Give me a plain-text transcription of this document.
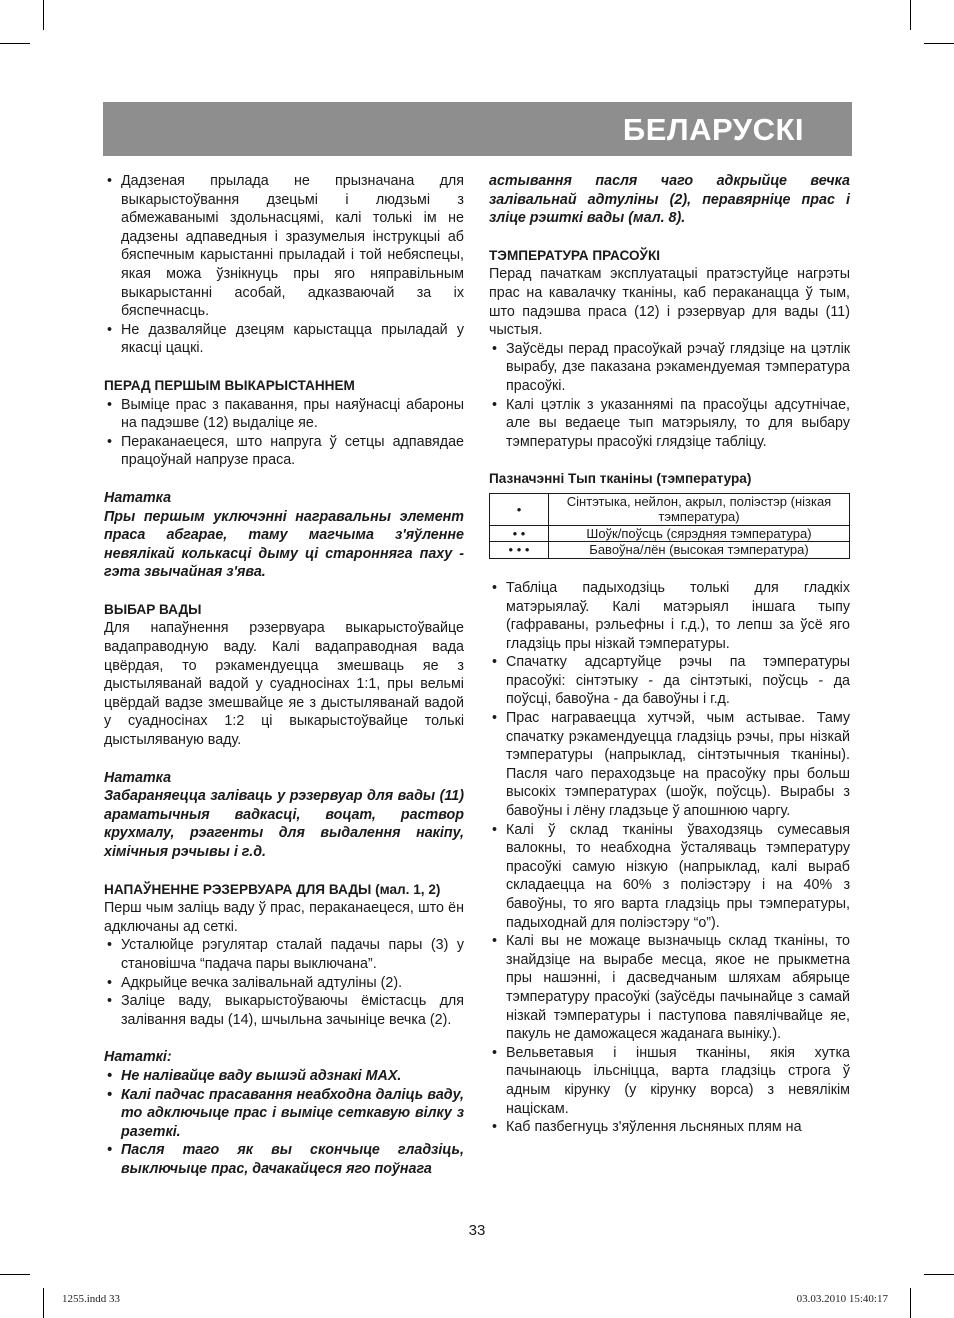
БЕЛАРУСКІ
• Дадзеная прылада не прызначана для выкарыстоўвання дзецьмі і людзьмі з абмежаванымі здольнасцямі, калі толькі ім не дадзены адпаведныя і зразумелыя інструкцыі аб бяспечным карыстанні прыладай і той небяспецы, якая можа ўзнікнуць пры яго няправільным выкарыстанні асобай, адказваючай за іх бяспечнасць.
• Не дазваляйце дзецям карыстацца прыладай у якасці цацкі.
ПЕРАД ПЕРШЫМ ВЫКАРЫСТАННЕМ
• Выміце прас з пакавання, пры наяўнасці абароны на падэшве (12) выдаліце яе.
• Пераканаецеся, што напруга ў сетцы адпавядае працоўнай напрузе праса.
Нататка
Пры першым уключэнні награвальны элемент праса абгарае, таму магчыма з'яўленне невялікай колькасці дыму ці староннягa паху - гэта звычайная з'ява.
ВЫБАР ВАДЫ

Для напаўнення рэзервуара выкарыстоўвайце вадаправодную ваду. Калі вадаправодная вада цвёрдая, то рэкамендуецца змешваць яе з дыстыляванай вадой у суадносінах 1:1, пры вельмі цвёрдай вадзе змешвайце яе з дыстыляванай вадой у суадносінах 1:2 ці выкарыстоўвайце толькі дыстыляваную ваду.

Нататка
Забараняецца заліваць у рэзервуар для вады (11) араматычныя вадкасці, воцат, раствор крухмалу, рэагенты для выдалення накіпу, хімічныя рэчывы і г.д.
НАПАЎНЕННЕ РЭЗЕРВУАРА ДЛЯ ВАДЫ (мал. 1, 2)

Перш чым заліць ваду ў прас, пераканаецеся, што ён адключаны ад сеткі.

• Усталюйце рэгулятар сталай падачы пары (3) у становішча “падача пары выключана”.
• Адкрыйце вечка залівальнай адтуліны (2).
• Заліце ваду, выкарыстоўваючы ёмістасць для залівання вады (14), шчыльна зачыніце вечка (2).
Нататкі:
• Не налівайце ваду вышэй адзнакі MAX.
• Калі падчас прасавання неабходна даліць ваду, то адключыце прас і выміце сеткавую вілку з разеткі.
• Пасля таго як вы скончыце гладзіць, выключыце прас, дачакайцеся яго поўнага
астывання пасля чаго адкрыйце вечка залівальнай адтуліны (2), перавярніце прас і зліце рэшткі вады (мал. 8).
ТЭМПЕРАТУРА ПРАСОЎКІ

Перад пачаткам эксплуатацыі пратэстуйце нагрэты прас на кавалачку тканіны, каб пераканацца ў тым, што падэшва праса (12) і рэзервуар для вады (11) чыстыя.

• Заўсёды перад прасоўкай рэчаў глядзіце на цэтлік вырабу, дзе паказана рэкамендуемая тэмпература прасоўкі.
• Калі цэтлік з указаннямі па прасоўцы адсутнічае, але вы ведаеце тып матэрыялу, то для выбару тэмпературы прасоўкі глядзіце табліцу.
Пазначэнні Тып тканіны (тэмпература)
•	Сінтэтыка, нейлон, акрыл, поліэстэр (нізкая тэмпература)
• •	Шоўк/поўсць (сярэдняя тэмпература)
• • •	Бавоўна/лён (высокая тэмпература)
• Табліца падыходзіць толькі для гладкіх матэрыялаў. Калі матэрыял іншага тыпу (гафраваны, рэльефны і г.д.), то лепш за ўсё яго гладзіць пры нізкай тэмпературы.
• Спачатку адсартуйце рэчы па тэмпературы прасоўкі: сінтэтыку - да сінтэтыкі, поўсць - да поўсці, бавоўна - да бавоўны і г.д.
• Прас награваецца хутчэй, чым астывае. Таму спачатку рэкамендуецца гладзіць рэчы, пры нізкай тэмпературы (напрыклад, сінтэтычныя тканіны). Пасля чаго пераходзьце на прасоўку пры больш высокіх тэмпературах (шоўк, поўсць). Вырабы з бавоўны і лёну гладзьце ў апошнюю чаргу.
• Калі ў склад тканіны ўваходзяць сумесавыя валокны, то неабходна ўсталяваць тэмпературу прасоўкі самую нізкую (напрыклад, калі выраб складаецца на 60% з поліэстэру і на 40% з бавоўны, то яго варта гладзіць пры тэмпературы, падыходнай для поліэстэру “о”).
• Калі вы не можаце вызначыць склад тканіны, то знайдзіце на вырабе месца, якое не прыкметна пры нашэнні, і дасведчаным шляхам абярыце тэмпературу прасоўкі (заўсёды пачынайце з самай нізкай тэмпературы і паступова павялічвайце яе, пакуль не даможацеся жаданага выніку.).
• Вельветавыя і іншыя тканіны, якія хутка пачынаюць ільсніцца, варта гладзіць строга ў адным кірунку (у кірунку ворса) з невялікім націскам.
• Каб пазбегнуць з'яўлення льсняных плям на
33
1255.indd 33	03.03.2010 15:40:17
